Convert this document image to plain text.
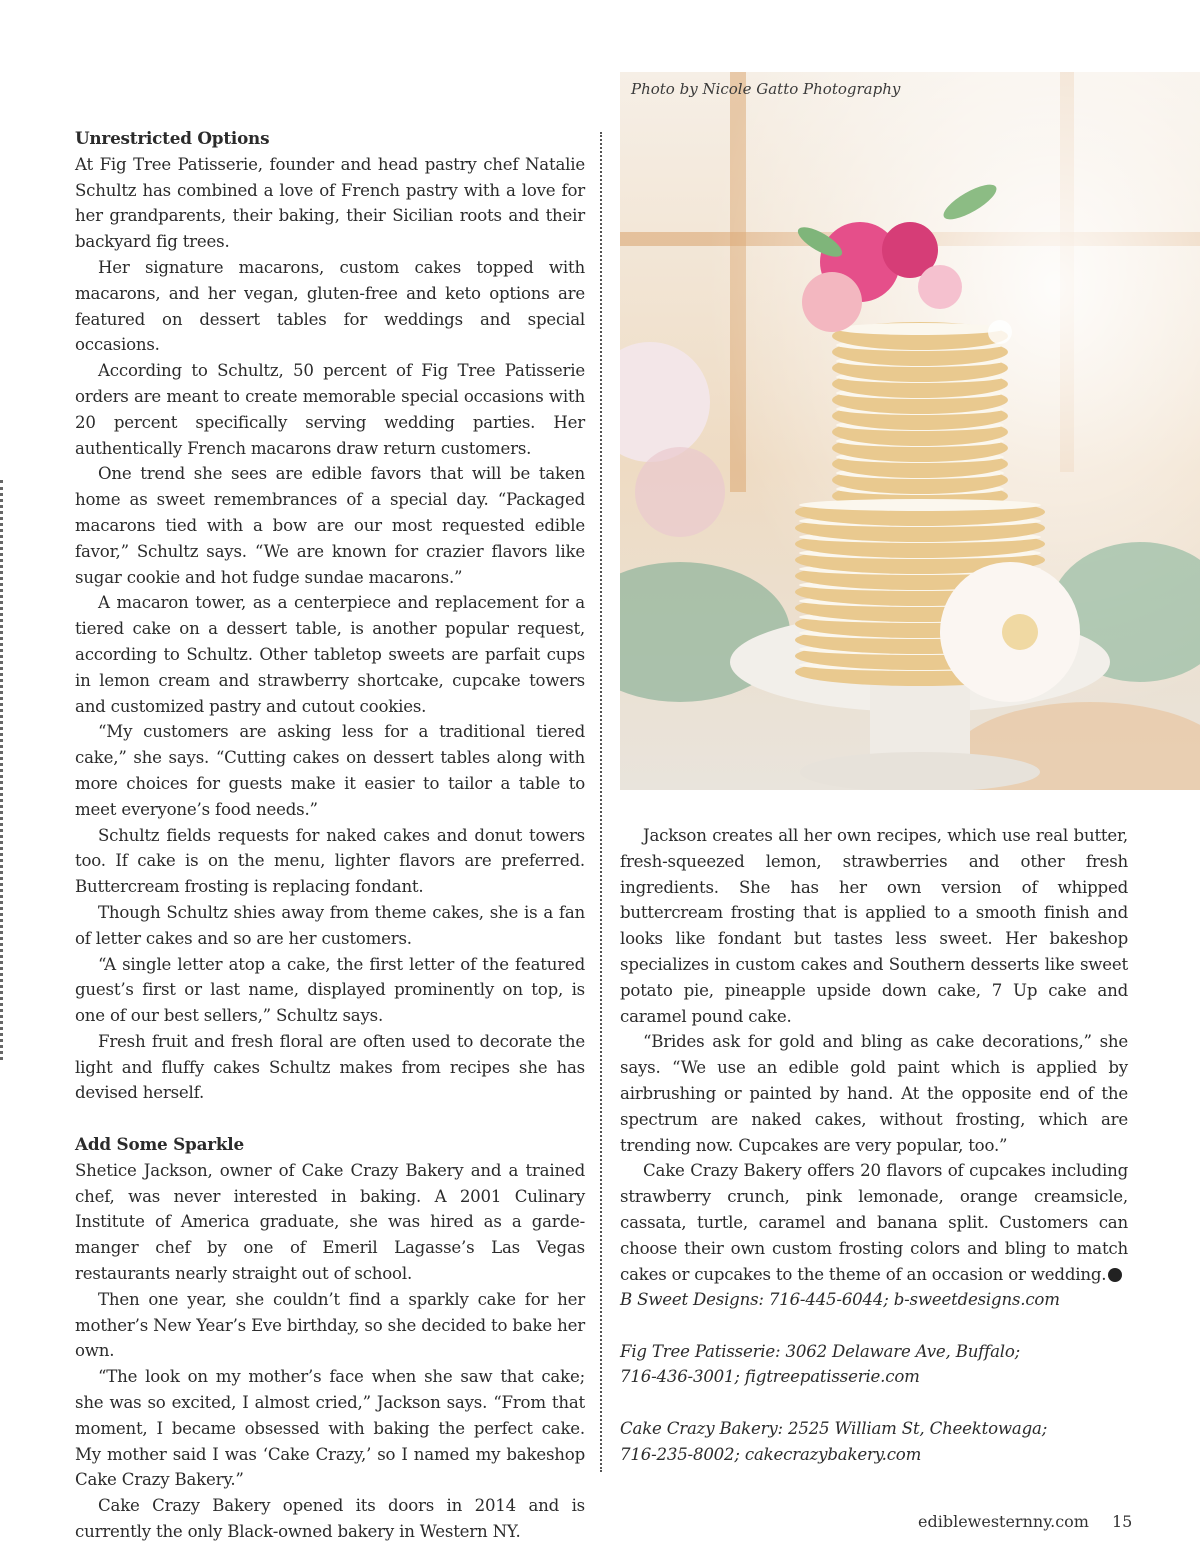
Photo by Nicole Gatto Photography
Unrestricted Options

At Fig Tree Patisserie, founder and head pastry chef Natalie Schultz has combined a love of French pastry with a love for her grandparents, their baking, their Sicilian roots and their backyard fig trees.

Her signature macarons, custom cakes topped with macarons, and her vegan, gluten-free and keto options are featured on dessert tables for weddings and special occasions.

According to Schultz, 50 percent of Fig Tree Patisserie orders are meant to create memorable special occasions with 20 percent specifically serving wedding parties. Her authentically French macarons draw return customers.

One trend she sees are edible favors that will be taken home as sweet remembrances of a special day. “Packaged macarons tied with a bow are our most requested edible favor,” Schultz says. “We are known for crazier flavors like sugar cookie and hot fudge sundae macarons.”

A macaron tower, as a centerpiece and replacement for a tiered cake on a dessert table, is another popular request, according to Schultz. Other tabletop sweets are parfait cups in lemon cream and strawberry shortcake, cupcake towers and customized pastry and cutout cookies.

“My customers are asking less for a traditional tiered cake,” she says. “Cutting cakes on dessert tables along with more choices for guests make it easier to tailor a table to meet everyone’s food needs.”

Schultz fields requests for naked cakes and donut towers too. If cake is on the menu, lighter flavors are preferred. Buttercream frosting is replacing fondant.

Though Schultz shies away from theme cakes, she is a fan of letter cakes and so are her customers.

“A single letter atop a cake, the first letter of the featured guest’s first or last name, displayed prominently on top, is one of our best sellers,” Schultz says.

Fresh fruit and fresh floral are often used to decorate the light and fluffy cakes Schultz makes from recipes she has devised herself.

Add Some Sparkle

Shetice Jackson, owner of Cake Crazy Bakery and a trained chef, was never interested in baking. A 2001 Culinary Institute of America graduate, she was hired as a garde-manger chef by one of Emeril Lagasse’s Las Vegas restaurants nearly straight out of school.

Then one year, she couldn’t find a sparkly cake for her mother’s New Year’s Eve birthday, so she decided to bake her own.

“The look on my mother’s face when she saw that cake; she was so excited, I almost cried,” Jackson says. “From that moment, I became obsessed with baking the perfect cake. My mother said I was ‘Cake Crazy,’ so I named my bakeshop Cake Crazy Bakery.”

Cake Crazy Bakery opened its doors in 2014 and is currently the only Black-owned bakery in Western NY.

Jackson creates all her own recipes, which use real butter, fresh-squeezed lemon, strawberries and other fresh ingredients. She has her own version of whipped buttercream frosting that is applied to a smooth finish and looks like fondant but tastes less sweet. Her bakeshop specializes in custom cakes and Southern desserts like sweet potato pie, pineapple upside down cake, 7 Up cake and caramel pound cake.

“Brides ask for gold and bling as cake decorations,” she says. “We use an edible gold paint which is applied by airbrushing or painted by hand. At the opposite end of the spectrum are naked cakes, without frosting, which are trending now. Cupcakes are very popular, too.”

Cake Crazy Bakery offers 20 flavors of cupcakes including strawberry crunch, pink lemonade, orange creamsicle, cassata, turtle, caramel and banana split. Customers can choose their own custom frosting colors and bling to match cakes or cupcakes to the theme of an occasion or wedding.	e

B Sweet Designs: 716-445-6044; b-sweetdesigns.com
Fig Tree Patisserie: 3062 Delaware Ave, Buffalo;
716-436-3001; figtreepatisserie.com
Cake Crazy Bakery: 2525 William St, Cheektowaga;
716-235-8002; cakecrazybakery.com
ediblewesternny.com 15
